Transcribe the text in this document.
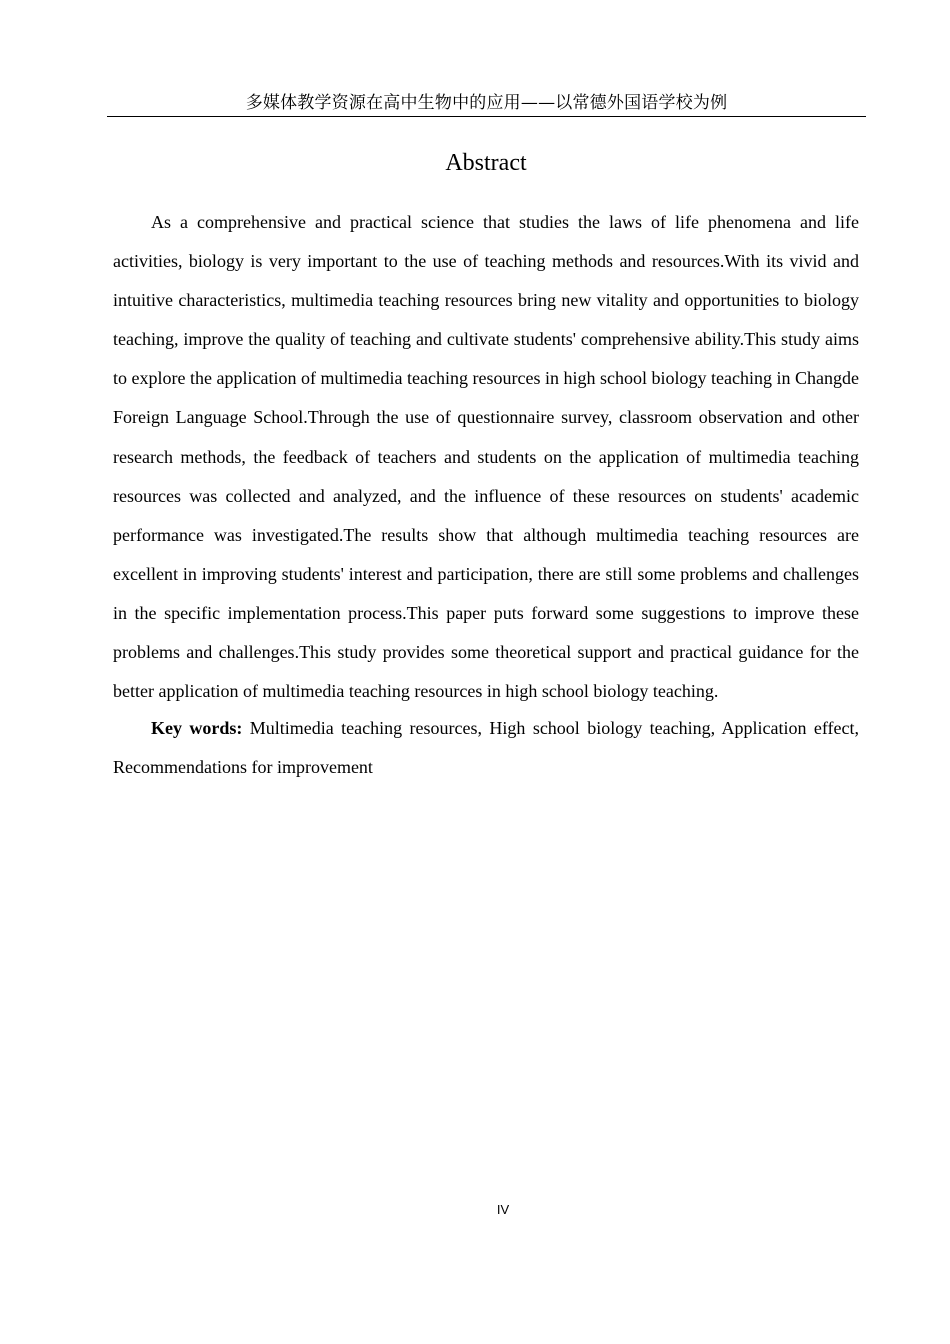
多媒体教学资源在高中生物中的应用——以常德外国语学校为例
Abstract

As a comprehensive and practical science that studies the laws of life phenomena and life activities, biology is very important to the use of teaching methods and resources.With its vivid and intuitive characteristics, multimedia teaching resources bring new vitality and opportunities to biology teaching, improve the quality of teaching and cultivate students' comprehensive ability.This study aims to explore the application of multimedia teaching resources in high school biology teaching in Changde Foreign Language School.Through the use of questionnaire survey, classroom observation and other research methods, the feedback of teachers and students on the application of multimedia teaching resources was collected and analyzed, and the influence of these resources on students' academic performance was investigated.The results show that although multimedia teaching resources are excellent in improving students' interest and participation, there are still some problems and challenges in the specific implementation process.This paper puts forward some suggestions to improve these problems and challenges.This study provides some theoretical support and practical guidance for the better application of multimedia teaching resources in high school biology teaching.

Key words: Multimedia teaching resources, High school biology teaching, Application effect, Recommendations for improvement

IV
